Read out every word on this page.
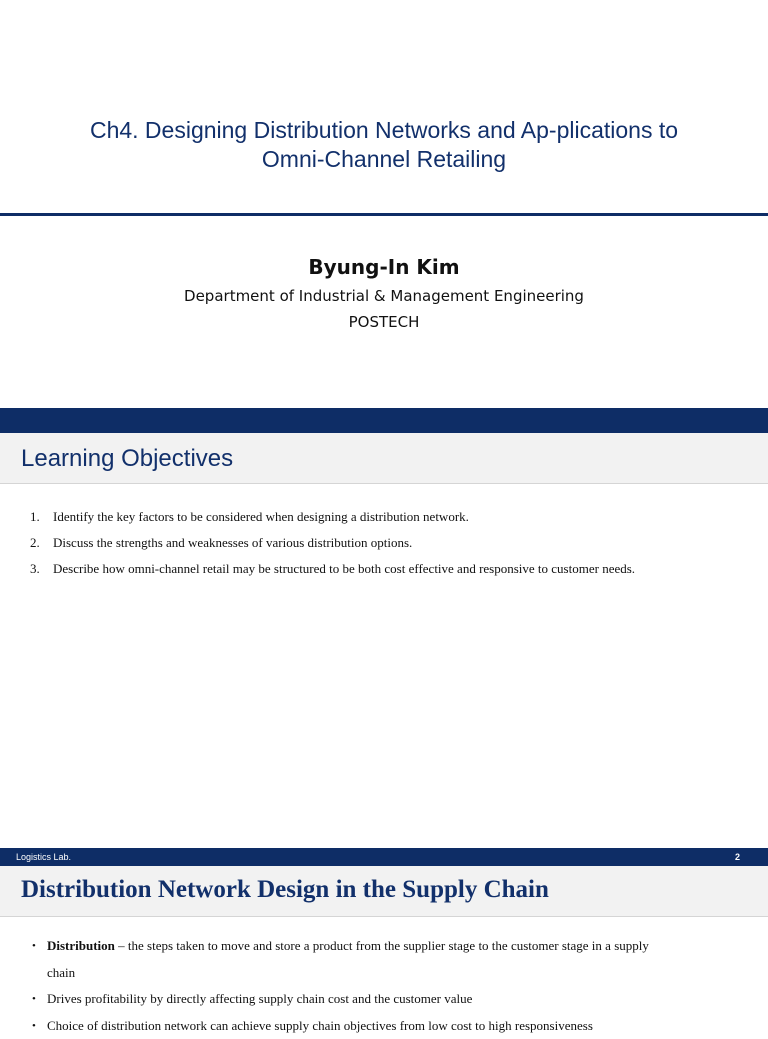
Ch4. Designing Distribution Networks and Ap-plications to Omni-Channel Retailing
Byung-In Kim
Department of Industrial & Management Engineering
POSTECH
Learning Objectives
1. Identify the key factors to be considered when designing a distribution network.
2. Discuss the strengths and weaknesses of various distribution options.
3. Describe how omni-channel retail may be structured to be both cost effective and responsive to customer needs.
Logistics Lab.	2
Distribution Network Design in the Supply Chain
• Distribution – the steps taken to move and store a product from the supplier stage to the customer stage in a supply chain
• Drives profitability by directly affecting supply chain cost and the customer value
• Choice of distribution network can achieve supply chain objectives from low cost to high responsiveness
